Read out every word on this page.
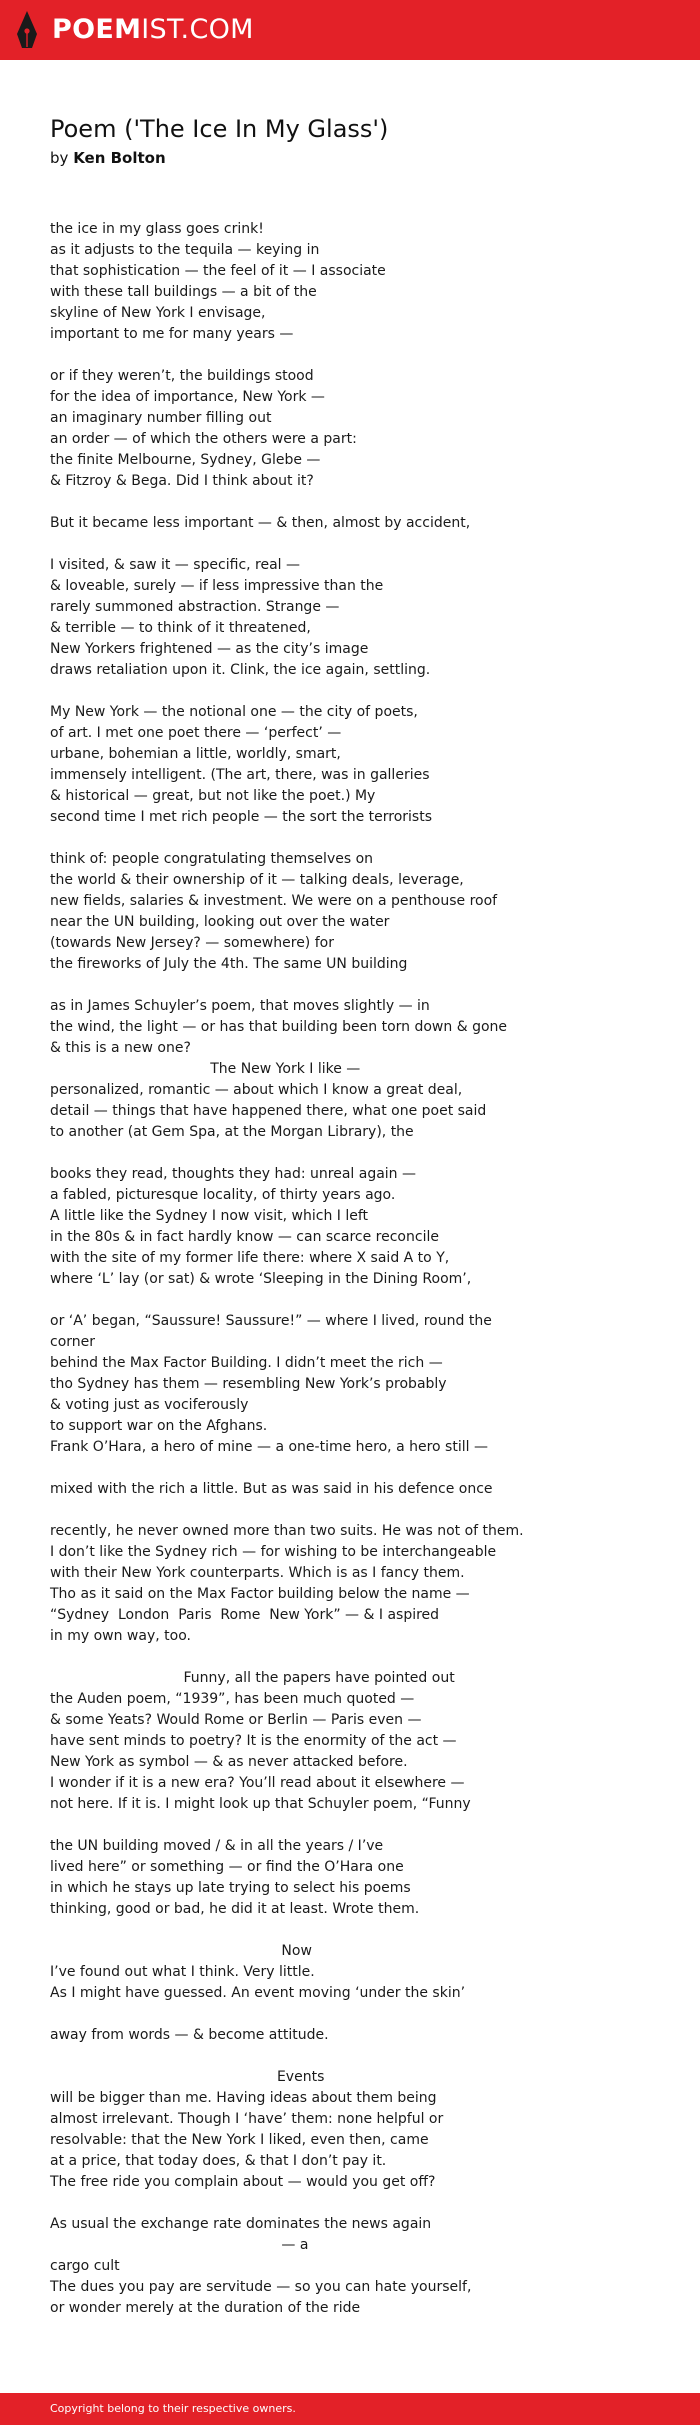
POEMIST.COM
Poem ('The Ice In My Glass')
by Ken Bolton
the ice in my glass goes crink!
as it adjusts to the tequila — keying in
that sophistication — the feel of it — I associate
with these tall buildings — a bit of the
skyline of New York I envisage,
important to me for many years —
or if they weren’t, the buildings stood
for the idea of importance, New York —
an imaginary number filling out
an order — of which the others were a part:
the finite Melbourne, Sydney, Glebe —
& Fitzroy & Bega. Did I think about it?
But it became less important — & then, almost by accident,
I visited, & saw it — specific, real —
& loveable, surely — if less impressive than the
rarely summoned abstraction. Strange —
& terrible — to think of it threatened,
New Yorkers frightened — as the city’s image
draws retaliation upon it. Clink, the ice again, settling.
My New York — the notional one — the city of poets,
of art. I met one poet there — ‘perfect’ —
urbane, bohemian a little, worldly, smart,
immensely intelligent. (The art, there, was in galleries
& historical — great, but not like the poet.) My
second time I met rich people — the sort the terrorists
think of: people congratulating themselves on
the world & their ownership of it — talking deals, leverage,
new fields, salaries & investment. We were on a penthouse roof
near the UN building, looking out over the water
(towards New Jersey? — somewhere) for
the fireworks of July the 4th. The same UN building
as in James Schuyler’s poem, that moves slightly — in
the wind, the light — or has that building been torn down & gone
& this is a new one?
The New York I like —
personalized, romantic — about which I know a great deal,
detail — things that have happened there, what one poet said
to another (at Gem Spa, at the Morgan Library), the
books they read, thoughts they had: unreal again —
a fabled, picturesque locality, of thirty years ago.
A little like the Sydney I now visit, which I left
in the 80s & in fact hardly know — can scarce reconcile
with the site of my former life there: where X said A to Y,
where ‘L’ lay (or sat) & wrote ‘Sleeping in the Dining Room’,
or ‘A’ began, “Saussure! Saussure!” — where I lived, round the
corner
behind the Max Factor Building. I didn’t meet the rich —
tho Sydney has them — resembling New York’s probably
& voting just as vociferously
to support war on the Afghans.
Frank O’Hara, a hero of mine — a one-time hero, a hero still —
mixed with the rich a little. But as was said in his defence once
recently, he never owned more than two suits. He was not of them.
I don’t like the Sydney rich — for wishing to be interchangeable
with their New York counterparts. Which is as I fancy them.
Tho as it said on the Max Factor building below the name —
“Sydney  London  Paris  Rome  New York” — & I aspired
in my own way, too.
Funny, all the papers have pointed out
the Auden poem, “1939”, has been much quoted —
& some Yeats? Would Rome or Berlin — Paris even —
have sent minds to poetry? It is the enormity of the act —
New York as symbol — & as never attacked before.
I wonder if it is a new era? You’ll read about it elsewhere —
not here. If it is. I might look up that Schuyler poem, “Funny
the UN building moved / & in all the years / I’ve
lived here” or something — or find the O’Hara one
in which he stays up late trying to select his poems
thinking, good or bad, he did it at least. Wrote them.
Now
I’ve found out what I think. Very little.
As I might have guessed. An event moving ‘under the skin’
away from words — & become attitude.
Events
will be bigger than me. Having ideas about them being
almost irrelevant. Though I ‘have’ them: none helpful or
resolvable: that the New York I liked, even then, came
at a price, that today does, & that I don’t pay it.
The free ride you complain about — would you get off?
As usual the exchange rate dominates the news again
— a
cargo cult
The dues you pay are servitude — so you can hate yourself,
or wonder merely at the duration of the ride
Copyright belong to their respective owners.
